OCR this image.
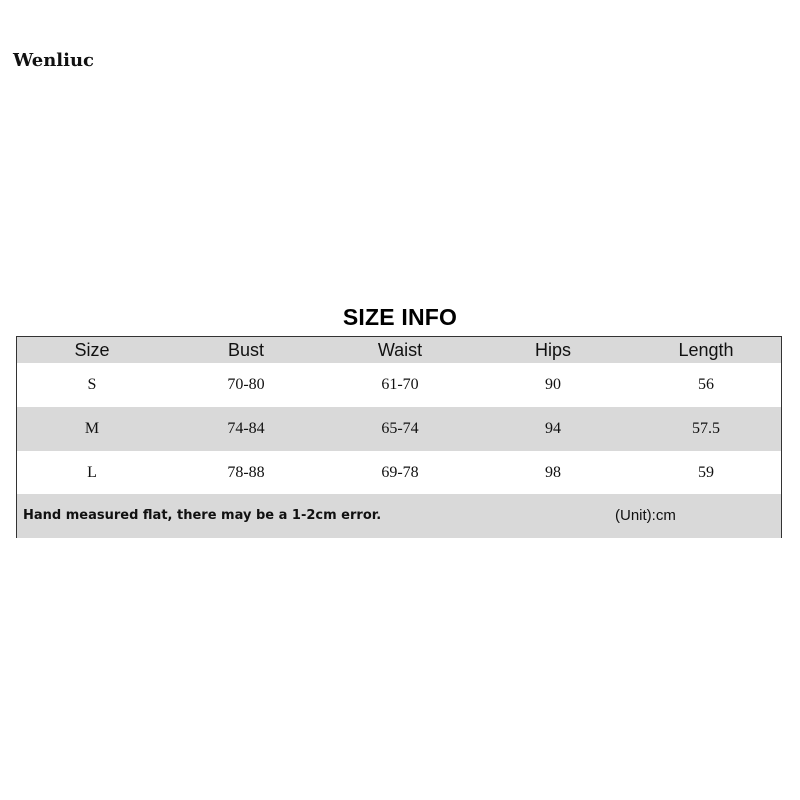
Wenliuc
SIZE INFO
Size	Bust	Waist	Hips	Length
S	70-80	61-70	90	56
M	74-84	65-74	94	57.5
L	78-88	69-78	98	59
Hand measured flat, there may be a 1-2cm error.	(Unit):cm
